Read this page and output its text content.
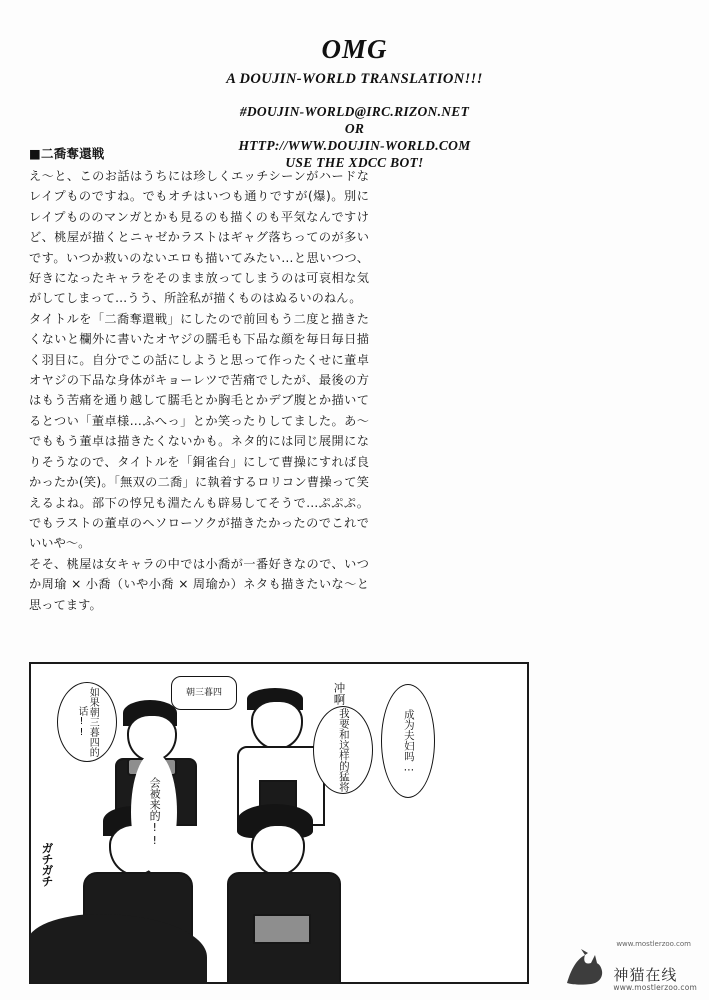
OMG
A DOUJIN-WORLD TRANSLATION!!!
#DOUJIN-WORLD@IRC.RIZON.NET
OR
HTTP://WWW.DOUJIN-WORLD.COM
USE THE XDCC BOT!
■二喬奪還戦

え～と、このお話はうちには珍しくエッチシーンがハードなレイプものですね。でもオチはいつも通りですが(爆)。別にレイプもののマンガとかも見るのも描くのも平気なんですけど、桃屋が描くとニャゼかラストはギャグ落ちってのが多いです。いつか救いのないエロも描いてみたい…と思いつつ、好きになったキャラをそのまま放ってしまうのは可哀相な気がしてしまって…うう、所詮私が描くものはぬるいのねん。

タイトルを「二喬奪還戦」にしたので前回もう二度と描きたくないと欄外に書いたオヤジの臑毛も下品な顔を毎日毎日描く羽目に。自分でこの話にしようと思って作ったくせに董卓オヤジの下品な身体がキョーレツで苦痛でしたが、最後の方はもう苦痛を通り越して臑毛とか胸毛とかデブ腹とか描いてるとつい「董卓様…ふへっ」とか笑ったりしてました。あ～でももう董卓は描きたくないかも。ネタ的には同じ展開になりそうなので、タイトルを「銅雀台」にして曹操にすれば良かったか(笑)。「無双の二喬」に執着するロリコン曹操って笑えるよね。部下の惇兄も淵たんも辟易してそうで…ぷぷぷ。でもラストの董卓のヘソローソクが描きたかったのでこれでいいや～。

そそ、桃屋は女キャラの中では小喬が一番好きなので、いつか周瑜 × 小喬（いや小喬 × 周瑜か）ネタも描きたいな～と思ってます。

如果朝三暮四的话!!
朝三暮四	冲啊
我要和这样的猛将	成为夫妇吗…
会被来的!!
ガチガチ
www.mostlerzoo.com
神猫在线
www.mostlerzoo.com
